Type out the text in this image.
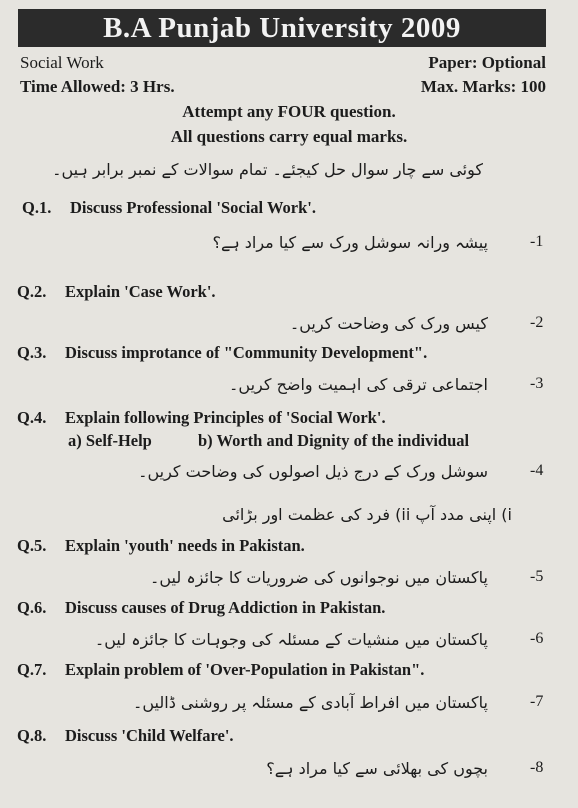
B.A Punjab University 2009
Social Work	Paper: Optional
Time Allowed: 3 Hrs.	Max. Marks: 100
Attempt any FOUR question.
All questions carry equal marks.
کوئی سے چار سوال حل کیجئے۔ تمام سوالات کے نمبر برابر ہیں۔
Q.1. Discuss Professional 'Social Work'.
پیشہ ورانہ سوشل ورک سے کیا مراد ہے؟	-1
Q.2. Explain 'Case Work'.
کیس ورک کی وضاحت کریں۔	-2
Q.3. Discuss improtance of "Community Development".
اجتماعی ترقی کی اہمیت واضح کریں۔	-3
Q.4. Explain following Principles of 'Social Work'.
a) Self-Help	b) Worth and Dignity of the individual
سوشل ورک کے درج ذیل اصولوں کی وضاحت کریں۔	-4
i) اپنی مدد آپ ii) فرد کی عظمت اور بڑائی
Q.5. Explain 'youth' needs in Pakistan.
پاکستان میں نوجوانوں کی ضروریات کا جائزہ لیں۔	-5
Q.6. Discuss causes of Drug Addiction in Pakistan.
پاکستان میں منشیات کے مسئلہ کی وجوہات کا جائزہ لیں۔	-6
Q.7. Explain problem of 'Over-Population in Pakistan".
پاکستان میں افراط آبادی کے مسئلہ پر روشنی ڈالیں۔	-7
Q.8. Discuss 'Child Welfare'.
بچوں کی بھلائی سے کیا مراد ہے؟	-8
